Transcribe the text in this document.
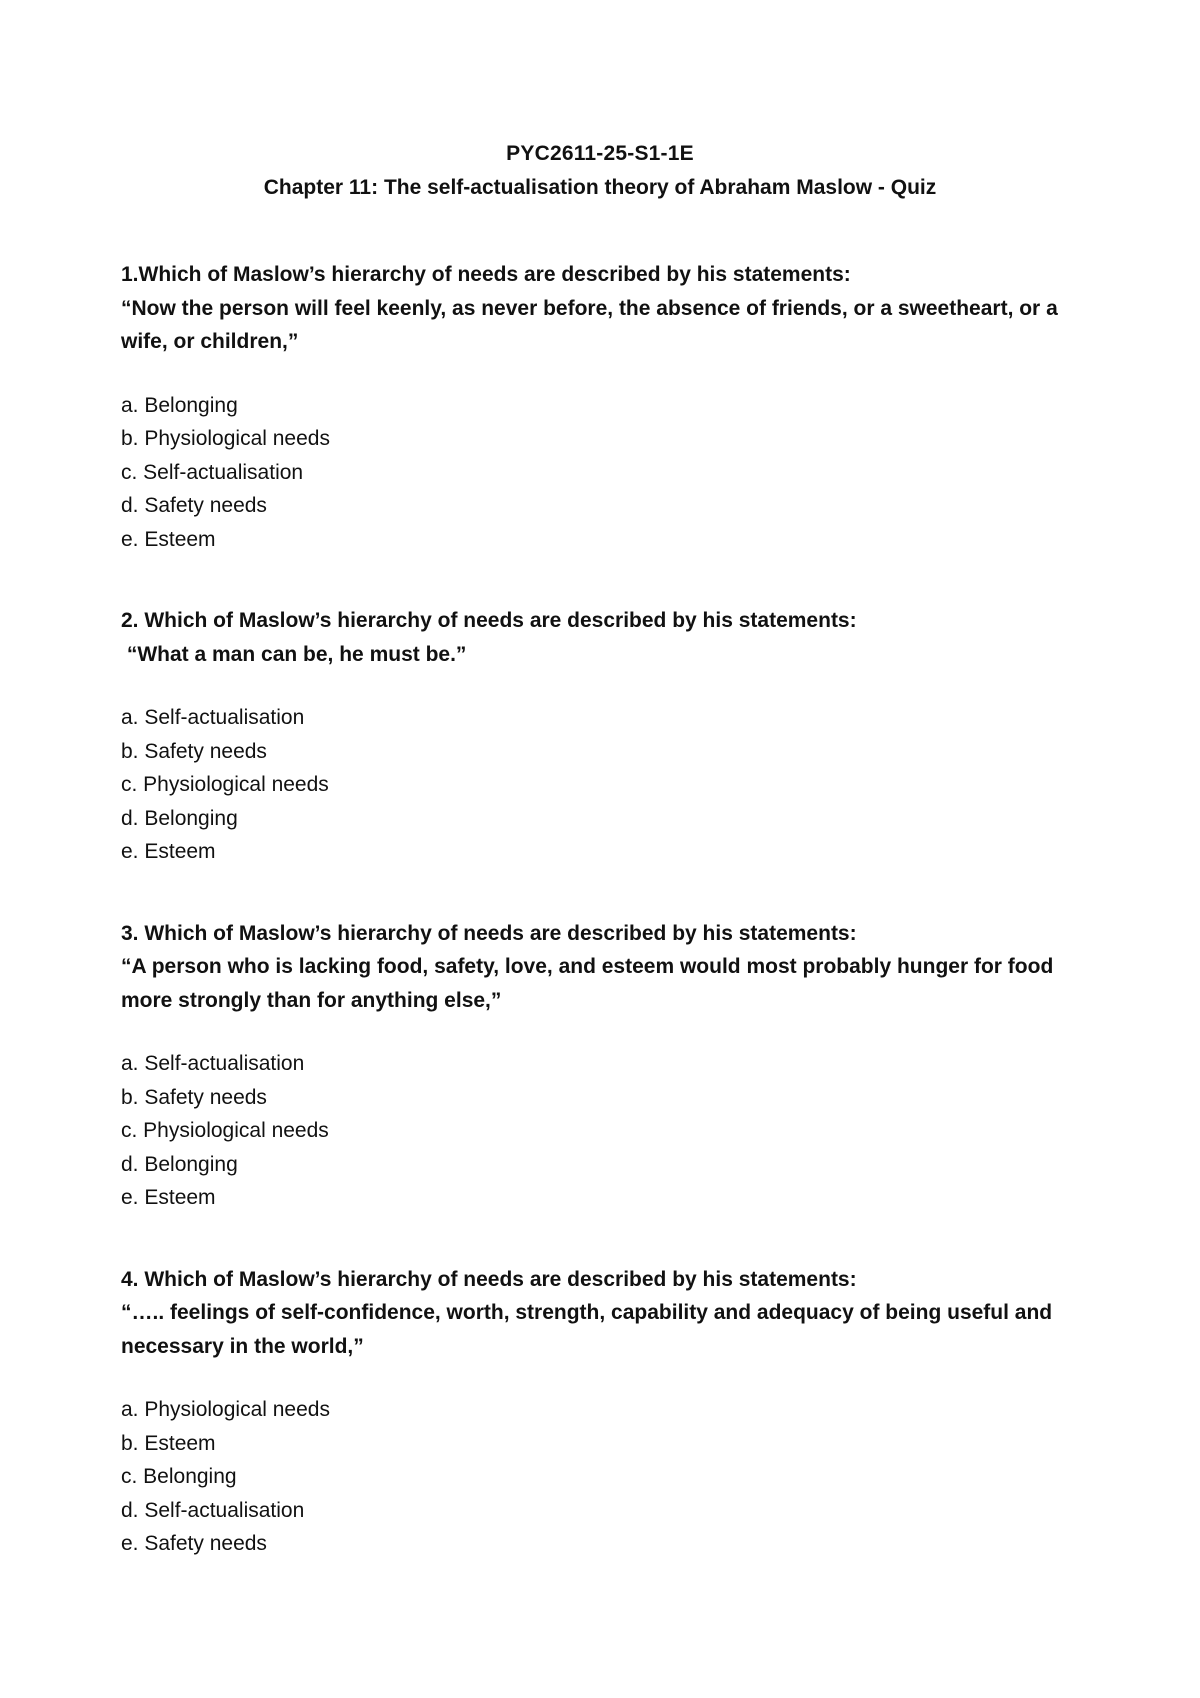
PYC2611-25-S1-1E
Chapter 11: The self-actualisation theory of Abraham Maslow - Quiz
1.Which of Maslow’s hierarchy of needs are described by his statements:
“Now the person will feel keenly, as never before, the absence of friends, or a sweetheart, or a wife, or children,”
a. Belonging
b. Physiological needs
c. Self-actualisation
d. Safety needs
e. Esteem
2. Which of Maslow’s hierarchy of needs are described by his statements:
“What a man can be, he must be.”
a. Self-actualisation
b. Safety needs
c. Physiological needs
d. Belonging
e. Esteem
3. Which of Maslow’s hierarchy of needs are described by his statements:
“A person who is lacking food, safety, love, and esteem would most probably hunger for food more strongly than for anything else,”
a. Self-actualisation
b. Safety needs
c. Physiological needs
d. Belonging
e. Esteem
4. Which of Maslow’s hierarchy of needs are described by his statements:
“….. feelings of self-confidence, worth, strength, capability and adequacy of being useful and necessary in the world,”
a. Physiological needs
b. Esteem
c. Belonging
d. Self-actualisation
e. Safety needs
